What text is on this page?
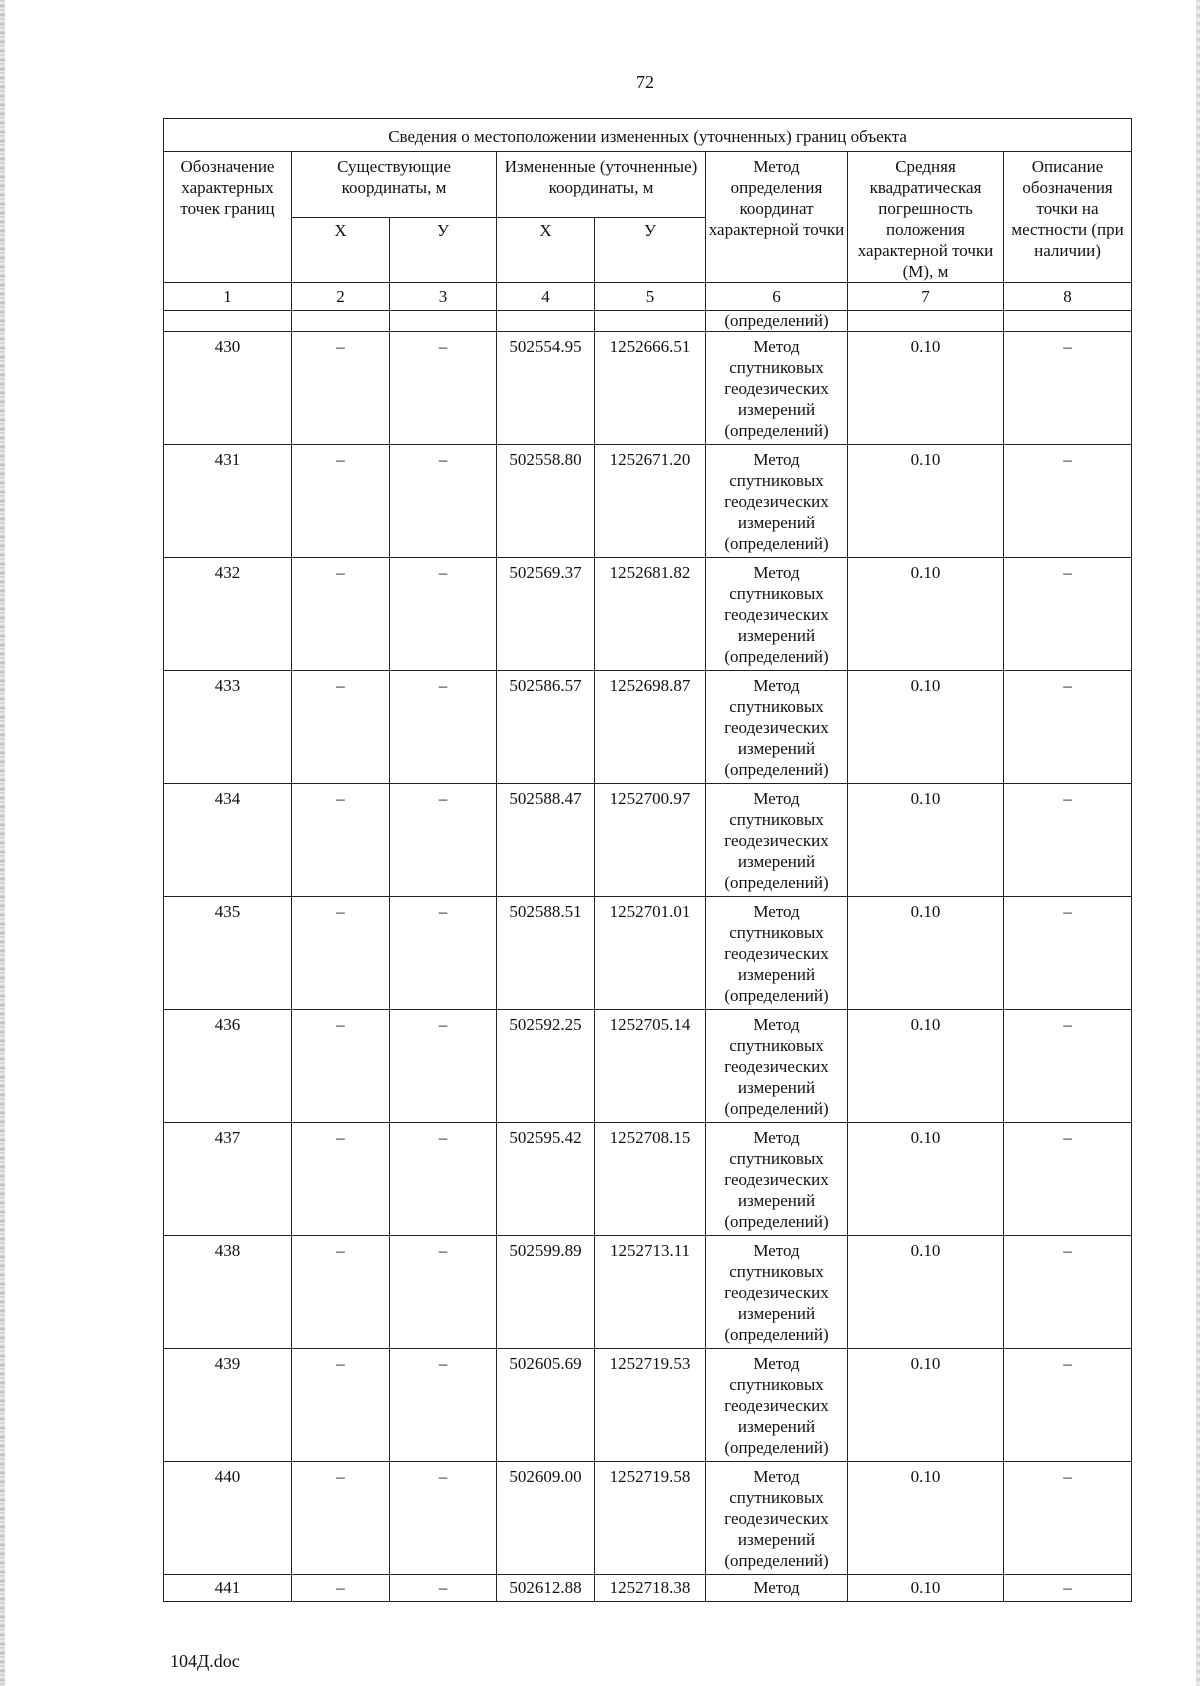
72
Сведения о местоположении измененных (уточненных) границ объекта							
Обозначение характерных точек границ	Существующие координаты, м		Измененные (уточненные) координаты, м		Метод определения координат характерной точки	Средняя квадратическая погрешность положения характерной точки (М), м	Описание обозначения точки на местности (при наличии)
	Х	У	Х	У			
1	2	3	4	5	6	7	8
					(определений)		
430	–	–	502554.95	1252666.51	Метод спутниковых геодезических измерений (определений)	0.10	–
431	–	–	502558.80	1252671.20	Метод спутниковых геодезических измерений (определений)	0.10	–
432	–	–	502569.37	1252681.82	Метод спутниковых геодезических измерений (определений)	0.10	–
433	–	–	502586.57	1252698.87	Метод спутниковых геодезических измерений (определений)	0.10	–
434	–	–	502588.47	1252700.97	Метод спутниковых геодезических измерений (определений)	0.10	–
435	–	–	502588.51	1252701.01	Метод спутниковых геодезических измерений (определений)	0.10	–
436	–	–	502592.25	1252705.14	Метод спутниковых геодезических измерений (определений)	0.10	–
437	–	–	502595.42	1252708.15	Метод спутниковых геодезических измерений (определений)	0.10	–
438	–	–	502599.89	1252713.11	Метод спутниковых геодезических измерений (определений)	0.10	–
439	–	–	502605.69	1252719.53	Метод спутниковых геодезических измерений (определений)	0.10	–
440	–	–	502609.00	1252719.58	Метод спутниковых геодезических измерений (определений)	0.10	–
441	–	–	502612.88	1252718.38	Метод	0.10	–
104Д.doc
